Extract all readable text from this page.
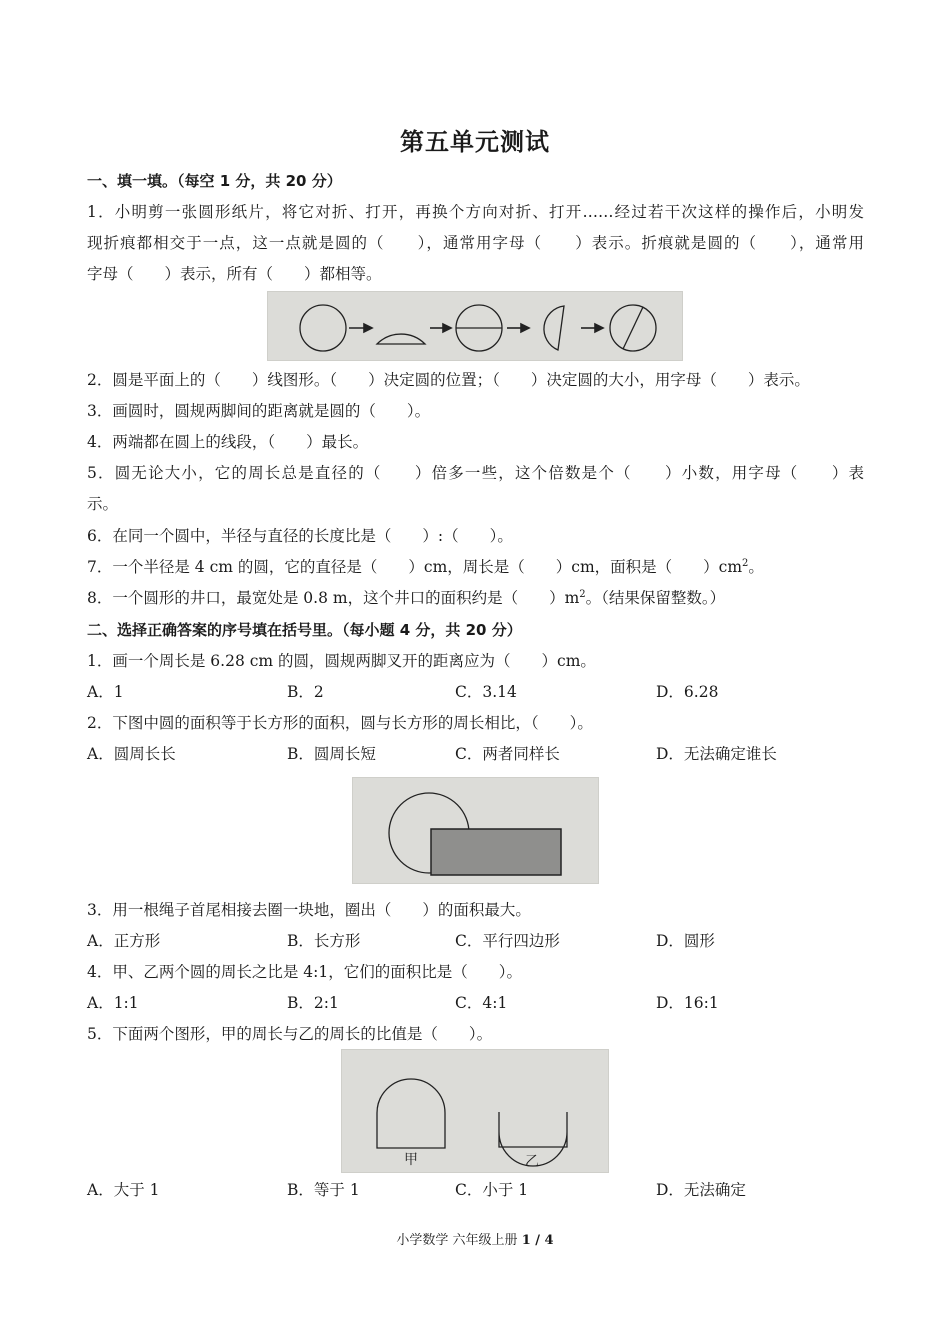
第五单元测试
一、填一填。（每空 1 分，共 20 分）
1．小明剪一张圆形纸片，将它对折、打开，再换个方向对折、打开……经过若干次这样的操作后，小明发
现折痕都相交于一点，这一点就是圆的（　　），通常用字母（　　）表示。折痕就是圆的（　　），通常用
字母（　　）表示，所有（　　）都相等。
2．圆是平面上的（　　）线图形。（　　）决定圆的位置；（　　）决定圆的大小，用字母（　　）表示。
3．画圆时，圆规两脚间的距离就是圆的（　　）。
4．两端都在圆上的线段，（　　）最长。
5．圆无论大小，它的周长总是直径的（　　）倍多一些，这个倍数是个（　　）小数，用字母（　　）表
示。
6．在同一个圆中，半径与直径的长度比是（　　）:（　　）。
7．一个半径是 4 cm 的圆，它的直径是（　　）cm，周长是（　　）cm，面积是（　　）$cm^2$。
8．一个圆形的井口，最宽处是 0.8 m，这个井口的面积约是（　　）$m^2$。（结果保留整数。）
二、选择正确答案的序号填在括号里。（每小题 4 分，共 20 分）
1．画一个周长是 6.28 cm 的圆，圆规两脚叉开的距离应为（　　）cm。
A．1	B．2	C．3.14	D．6.28
2．下图中圆的面积等于长方形的面积，圆与长方形的周长相比，（　　）。
A．圆周长长	B．圆周长短	C．两者同样长	D．无法确定谁长
3．用一根绳子首尾相接去圈一块地，圈出（　　）的面积最大。
A．正方形	B．长方形	C．平行四边形	D．圆形
4．甲、乙两个圆的周长之比是 4:1，它们的面积比是（　　）。
A．1:1	B．2:1	C．4:1	D．16:1
5．下面两个图形，甲的周长与乙的周长的比值是（　　）。
甲	乙
A．大于 1	B．等于 1	C．小于 1	D．无法确定
小学数学 六年级上册 1 / 4
